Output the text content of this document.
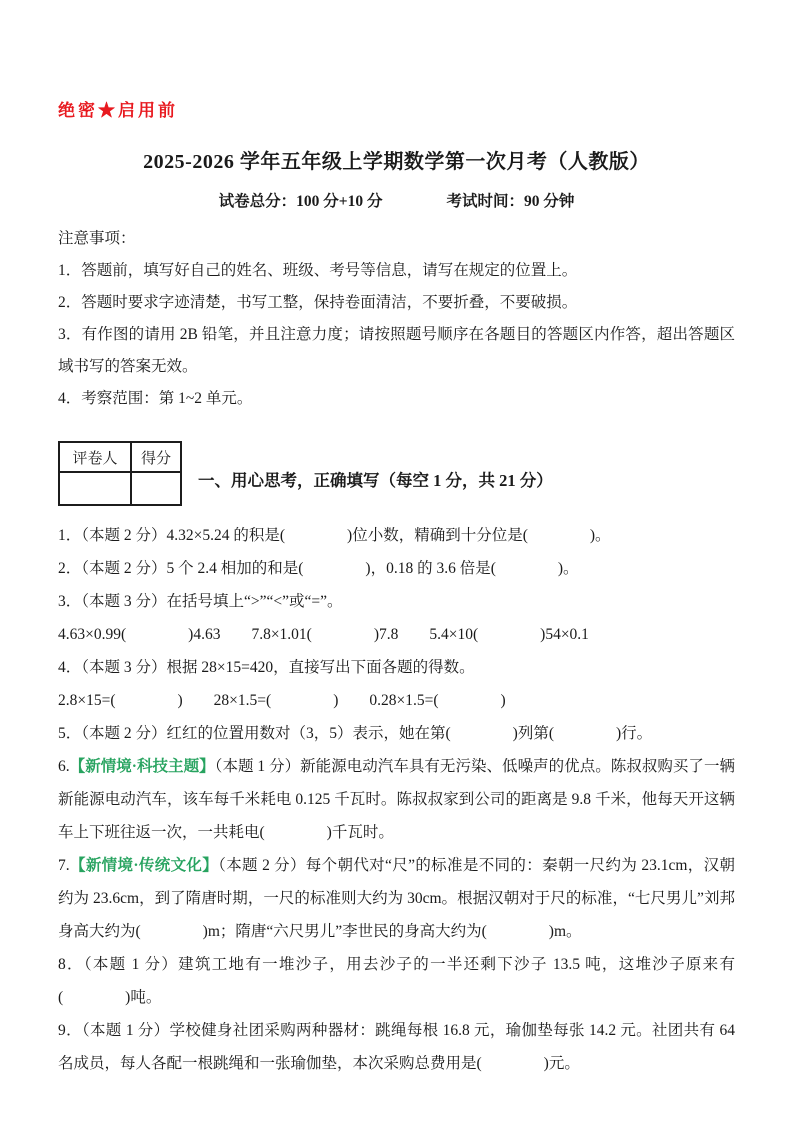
绝密★启用前
2025-2026 学年五年级上学期数学第一次月考（人教版）
试卷总分：100 分+10 分	考试时间：90 分钟

注意事项：

1．答题前，填写好自己的姓名、班级、考号等信息，请写在规定的位置上。

2．答题时要求字迹清楚，书写工整，保持卷面清洁，不要折叠，不要破损。

3．有作图的请用 2B 铅笔，并且注意力度；请按照题号顺序在各题目的答题区内作答，超出答题区域书写的答案无效。

4．考察范围：第 1~2 单元。

评卷人	得分

一、用心思考，正确填写（每空 1 分，共 21 分）

1．（本题 2 分）4.32×5.24 的积是(　　　　)位小数，精确到十分位是(　　　　)。

2．（本题 2 分）5 个 2.4 相加的和是(　　　　)，0.18 的 3.6 倍是(　　　　)。

3．（本题 3 分）在括号填上“>”“<”或“=”。

4.63×0.99(　　　　)4.63　　7.8×1.01(　　　　)7.8　　5.4×10(　　　　)54×0.1

4．（本题 3 分）根据 28×15=420，直接写出下面各题的得数。

2.8×15=(　　　　)　　28×1.5=(　　　　)　　0.28×1.5=(　　　　)

5．（本题 2 分）红红的位置用数对（3，5）表示，她在第(　　　　)列第(　　　　)行。

6.【新情境·科技主题】（本题 1 分）新能源电动汽车具有无污染、低噪声的优点。陈叔叔购买了一辆新能源电动汽车，该车每千米耗电 0.125 千瓦时。陈叔叔家到公司的距离是 9.8 千米，他每天开这辆车上下班往返一次，一共耗电(　　　　)千瓦时。

7.【新情境·传统文化】（本题 2 分）每个朝代对“尺”的标准是不同的：秦朝一尺约为 23.1cm，汉朝约为 23.6cm，到了隋唐时期，一尺的标准则大约为 30cm。根据汉朝对于尺的标准，“七尺男儿”刘邦身高大约为(　　　　)m；隋唐“六尺男儿”李世民的身高大约为(　　　　)m。

8．（本题 1 分）建筑工地有一堆沙子，用去沙子的一半还剩下沙子 13.5 吨，这堆沙子原来有(　　　　)吨。

9．（本题 1 分）学校健身社团采购两种器材：跳绳每根 16.8 元，瑜伽垫每张 14.2 元。社团共有 64 名成员，每人各配一根跳绳和一张瑜伽垫，本次采购总费用是(　　　　)元。
